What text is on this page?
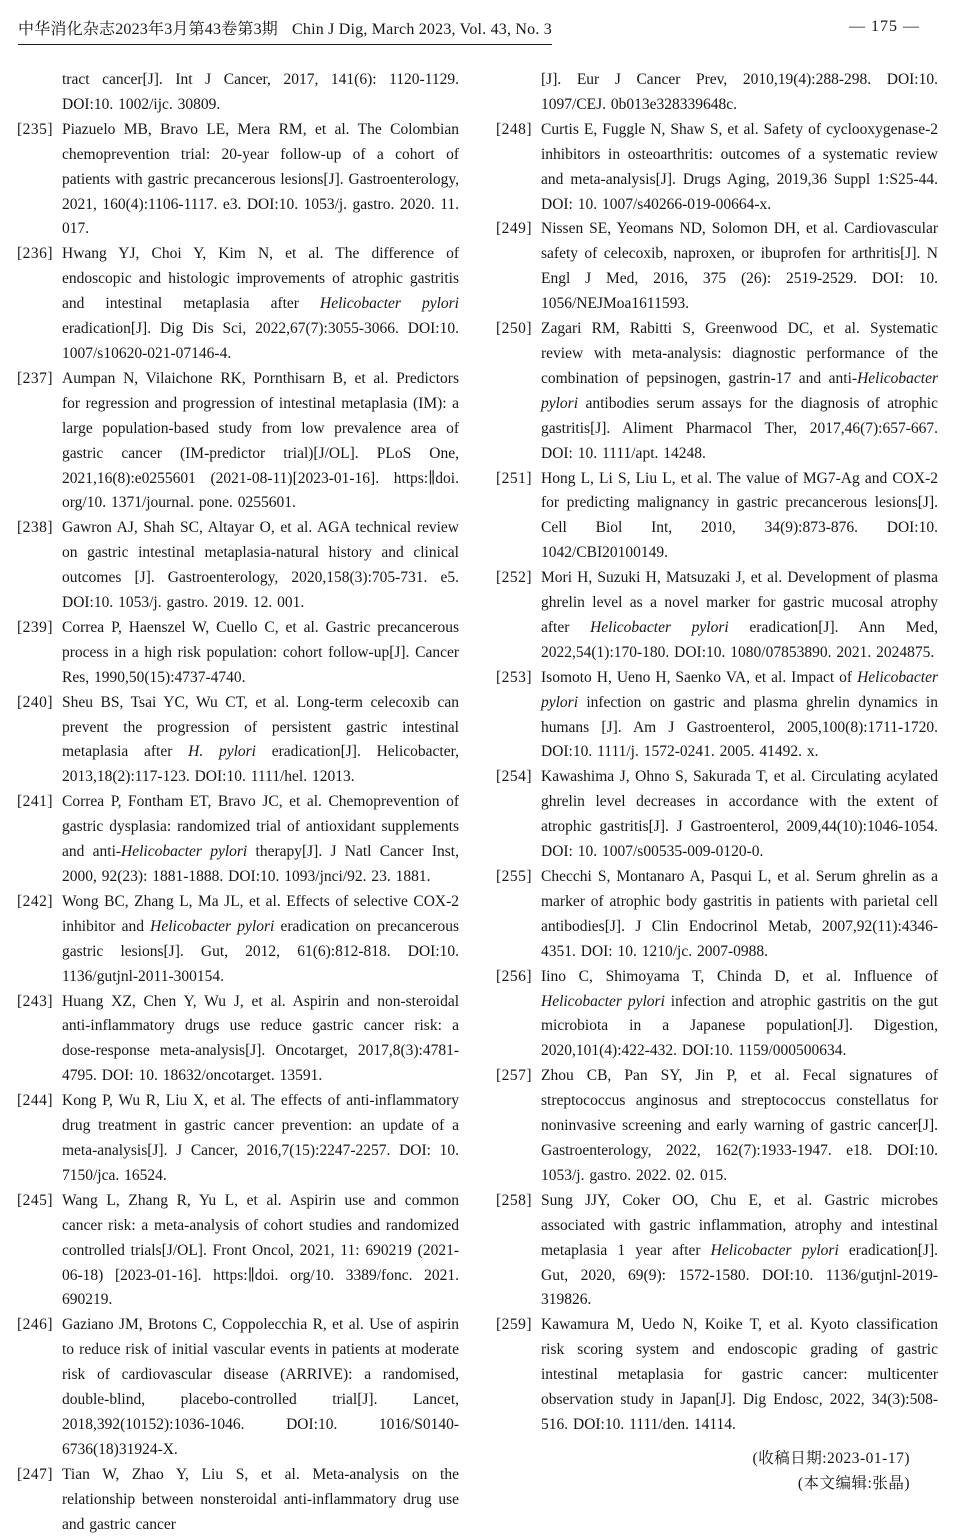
中华消化杂志2023年3月第43卷第3期 Chin J Dig, March 2023, Vol. 43, No. 3	— 175 —
tract cancer[J]. Int J Cancer, 2017, 141(6): 1120-1129. DOI:10. 1002/ijc. 30809.
[235] Piazuelo MB, Bravo LE, Mera RM, et al. The Colombian chemoprevention trial: 20-year follow-up of a cohort of patients with gastric precancerous lesions[J]. Gastroenterology, 2021, 160(4):1106-1117. e3. DOI:10. 1053/j. gastro. 2020. 11. 017.
[236] Hwang YJ, Choi Y, Kim N, et al. The difference of endoscopic and histologic improvements of atrophic gastritis and intestinal metaplasia after Helicobacter pylori eradication[J]. Dig Dis Sci, 2022,67(7):3055-3066. DOI:10. 1007/s10620-021-07146-4.
[237] Aumpan N, Vilaichone RK, Pornthisarn B, et al. Predictors for regression and progression of intestinal metaplasia (IM): a large population-based study from low prevalence area of gastric cancer (IM-predictor trial)[J/OL]. PLoS One, 2021,16(8):e0255601 (2021-08-11)[2023-01-16]. https:∥doi. org/10. 1371/journal. pone. 0255601.
[238] Gawron AJ, Shah SC, Altayar O, et al. AGA technical review on gastric intestinal metaplasia-natural history and clinical outcomes [J]. Gastroenterology, 2020,158(3):705-731. e5. DOI:10. 1053/j. gastro. 2019. 12. 001.
[239] Correa P, Haenszel W, Cuello C, et al. Gastric precancerous process in a high risk population: cohort follow-up[J]. Cancer Res, 1990,50(15):4737-4740.
[240] Sheu BS, Tsai YC, Wu CT, et al. Long-term celecoxib can prevent the progression of persistent gastric intestinal metaplasia after H. pylori eradication[J]. Helicobacter, 2013,18(2):117-123. DOI:10. 1111/hel. 12013.
[241] Correa P, Fontham ET, Bravo JC, et al. Chemoprevention of gastric dysplasia: randomized trial of antioxidant supplements and anti-Helicobacter pylori therapy[J]. J Natl Cancer Inst, 2000, 92(23): 1881-1888. DOI:10. 1093/jnci/92. 23. 1881.
[242] Wong BC, Zhang L, Ma JL, et al. Effects of selective COX-2 inhibitor and Helicobacter pylori eradication on precancerous gastric lesions[J]. Gut, 2012, 61(6):812-818. DOI:10. 1136/gutjnl-2011-300154.
[243] Huang XZ, Chen Y, Wu J, et al. Aspirin and non-steroidal anti-inflammatory drugs use reduce gastric cancer risk: a dose-response meta-analysis[J]. Oncotarget, 2017,8(3):4781-4795. DOI: 10. 18632/oncotarget. 13591.
[244] Kong P, Wu R, Liu X, et al. The effects of anti-inflammatory drug treatment in gastric cancer prevention: an update of a meta-analysis[J]. J Cancer, 2016,7(15):2247-2257. DOI: 10. 7150/jca. 16524.
[245] Wang L, Zhang R, Yu L, et al. Aspirin use and common cancer risk: a meta-analysis of cohort studies and randomized controlled trials[J/OL]. Front Oncol, 2021, 11: 690219 (2021-06-18) [2023-01-16]. https:∥doi. org/10. 3389/fonc. 2021. 690219.
[246] Gaziano JM, Brotons C, Coppolecchia R, et al. Use of aspirin to reduce risk of initial vascular events in patients at moderate risk of cardiovascular disease (ARRIVE): a randomised, double-blind, placebo-controlled trial[J]. Lancet, 2018,392(10152):1036-1046. DOI:10. 1016/S0140-6736(18)31924-X.
[247] Tian W, Zhao Y, Liu S, et al. Meta-analysis on the relationship between nonsteroidal anti-inflammatory drug use and gastric cancer
[J]. Eur J Cancer Prev, 2010,19(4):288-298. DOI:10. 1097/CEJ. 0b013e328339648c.
[248] Curtis E, Fuggle N, Shaw S, et al. Safety of cyclooxygenase-2 inhibitors in osteoarthritis: outcomes of a systematic review and meta-analysis[J]. Drugs Aging, 2019,36 Suppl 1:S25-44. DOI: 10. 1007/s40266-019-00664-x.
[249] Nissen SE, Yeomans ND, Solomon DH, et al. Cardiovascular safety of celecoxib, naproxen, or ibuprofen for arthritis[J]. N Engl J Med, 2016, 375 (26): 2519-2529. DOI: 10. 1056/NEJMoa1611593.
[250] Zagari RM, Rabitti S, Greenwood DC, et al. Systematic review with meta-analysis: diagnostic performance of the combination of pepsinogen, gastrin-17 and anti-Helicobacter pylori antibodies serum assays for the diagnosis of atrophic gastritis[J]. Aliment Pharmacol Ther, 2017,46(7):657-667. DOI: 10. 1111/apt. 14248.
[251] Hong L, Li S, Liu L, et al. The value of MG7-Ag and COX-2 for predicting malignancy in gastric precancerous lesions[J]. Cell Biol Int, 2010, 34(9):873-876. DOI:10. 1042/CBI20100149.
[252] Mori H, Suzuki H, Matsuzaki J, et al. Development of plasma ghrelin level as a novel marker for gastric mucosal atrophy after Helicobacter pylori eradication[J]. Ann Med, 2022,54(1):170-180. DOI:10. 1080/07853890. 2021. 2024875.
[253] Isomoto H, Ueno H, Saenko VA, et al. Impact of Helicobacter pylori infection on gastric and plasma ghrelin dynamics in humans [J]. Am J Gastroenterol, 2005,100(8):1711-1720. DOI:10. 1111/j. 1572-0241. 2005. 41492. x.
[254] Kawashima J, Ohno S, Sakurada T, et al. Circulating acylated ghrelin level decreases in accordance with the extent of atrophic gastritis[J]. J Gastroenterol, 2009,44(10):1046-1054. DOI: 10. 1007/s00535-009-0120-0.
[255] Checchi S, Montanaro A, Pasqui L, et al. Serum ghrelin as a marker of atrophic body gastritis in patients with parietal cell antibodies[J]. J Clin Endocrinol Metab, 2007,92(11):4346-4351. DOI: 10. 1210/jc. 2007-0988.
[256] Iino C, Shimoyama T, Chinda D, et al. Influence of Helicobacter pylori infection and atrophic gastritis on the gut microbiota in a Japanese population[J]. Digestion, 2020,101(4):422-432. DOI:10. 1159/000500634.
[257] Zhou CB, Pan SY, Jin P, et al. Fecal signatures of streptococcus anginosus and streptococcus constellatus for noninvasive screening and early warning of gastric cancer[J]. Gastroenterology, 2022, 162(7):1933-1947. e18. DOI:10. 1053/j. gastro. 2022. 02. 015.
[258] Sung JJY, Coker OO, Chu E, et al. Gastric microbes associated with gastric inflammation, atrophy and intestinal metaplasia 1 year after Helicobacter pylori eradication[J]. Gut, 2020, 69(9): 1572-1580. DOI:10. 1136/gutjnl-2019-319826.
[259] Kawamura M, Uedo N, Koike T, et al. Kyoto classification risk scoring system and endoscopic grading of gastric intestinal metaplasia for gastric cancer: multicenter observation study in Japan[J]. Dig Endosc, 2022, 34(3):508-516. DOI:10. 1111/den. 14114.
(收稿日期:2023-01-17)
(本文编辑:张晶)
